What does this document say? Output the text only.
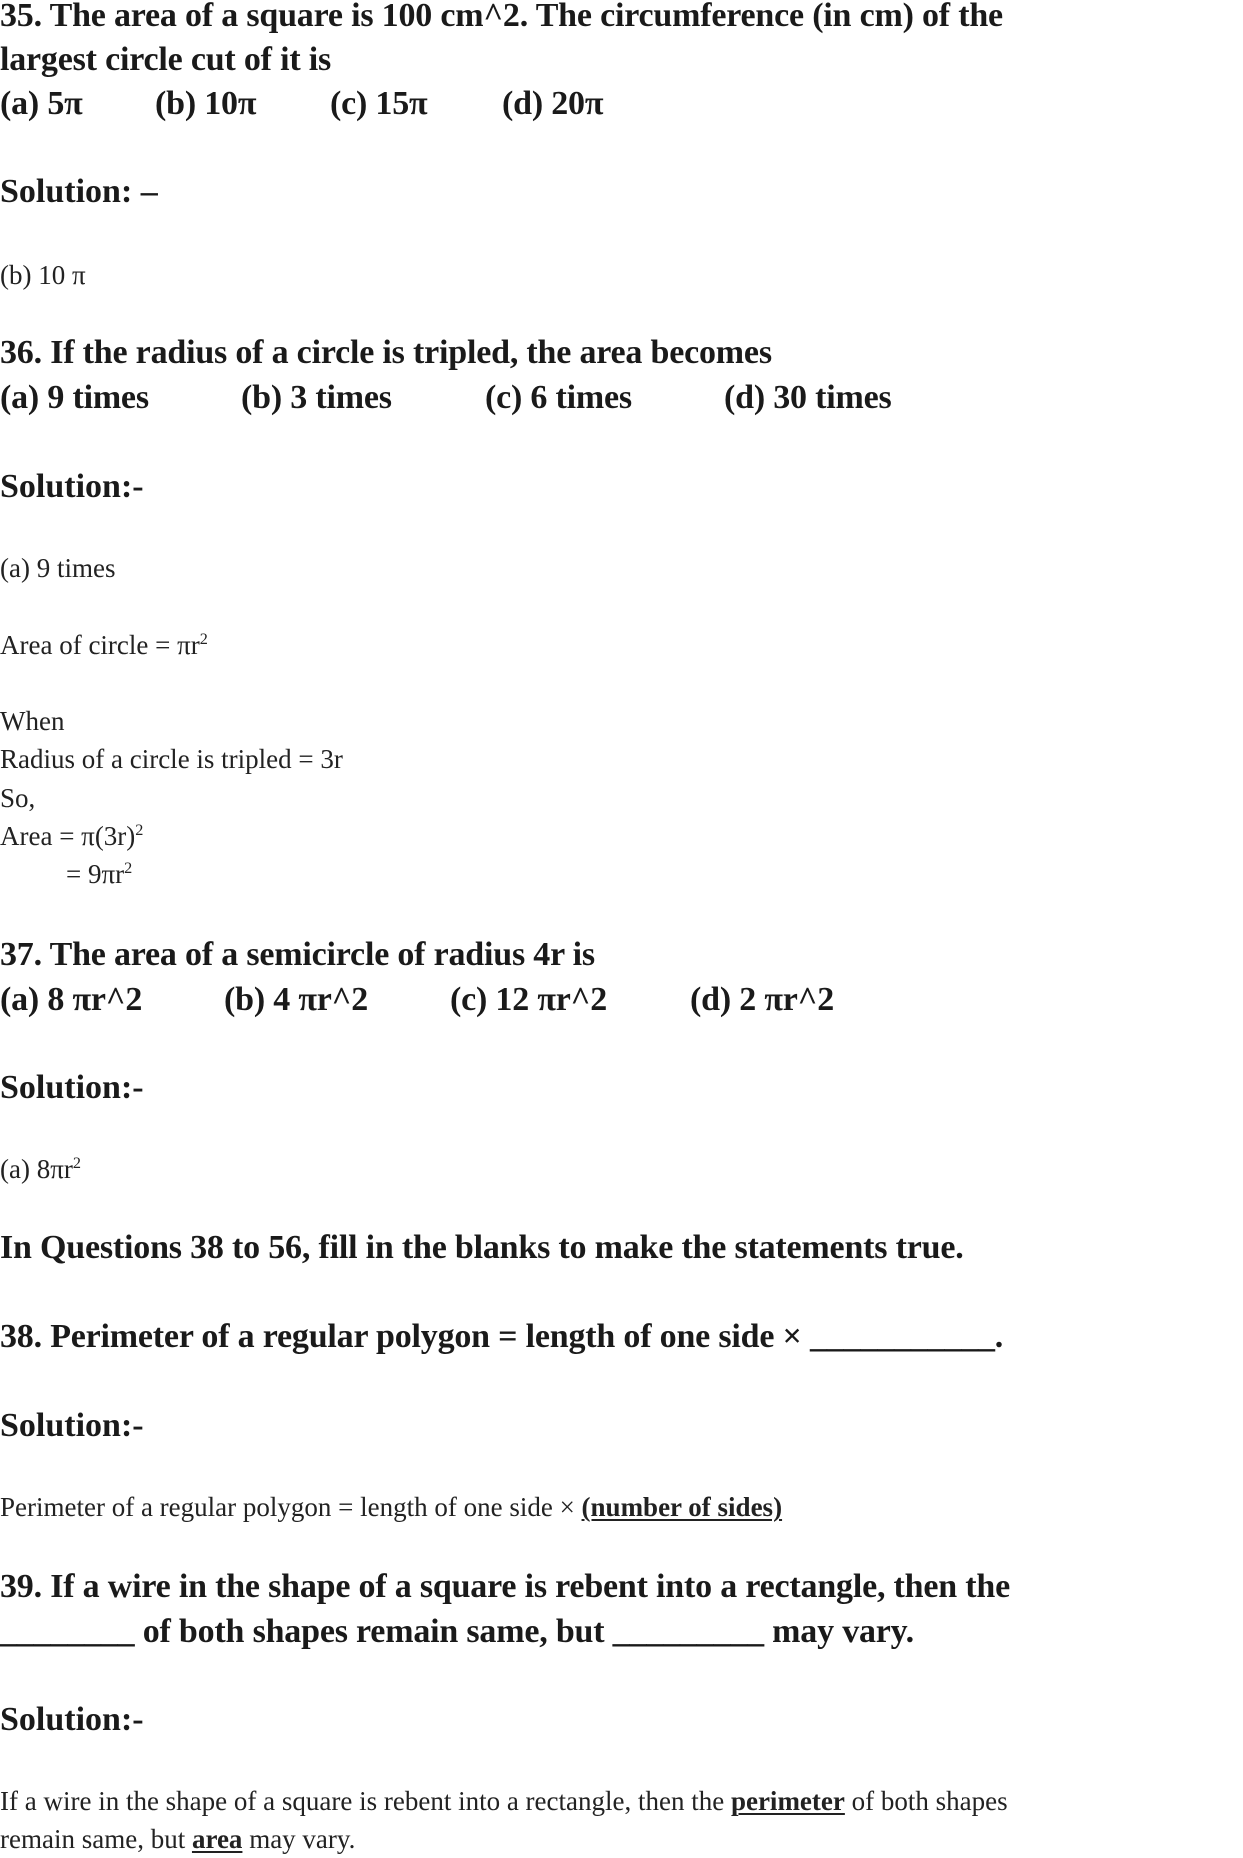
35. The area of a square is 100 cm^2. The circumference (in cm) of the
largest circle cut of it is
(a) 5π (b) 10π (c) 15π (d) 20π
Solution: –
(b) 10 π
36. If the radius of a circle is tripled, the area becomes
(a) 9 times	(b) 3 times	(c) 6 times	(d) 30 times
Solution:-
(a) 9 times
Area of circle = $\pi r^2$
When
Radius of a circle is tripled = 3r
So,
Area = $\pi(3r)^2$
= $9\pi r^2$
37. The area of a semicircle of radius 4r is
(a) 8 πr^2 (b) 4 πr^2 (c) 12 πr^2 (d) 2 πr^2
Solution:-
(a) $8\pi r^2$
In Questions 38 to 56, fill in the blanks to make the statements true.
38. Perimeter of a regular polygon = length of one side × ___________.
Solution:-
Perimeter of a regular polygon = length of one side × (number of sides)
39. If a wire in the shape of a square is rebent into a rectangle, then the
________ of both shapes remain same, but _________ may vary.
Solution:-
If a wire in the shape of a square is rebent into a rectangle, then the perimeter of both shapes
remain same, but area may vary.
